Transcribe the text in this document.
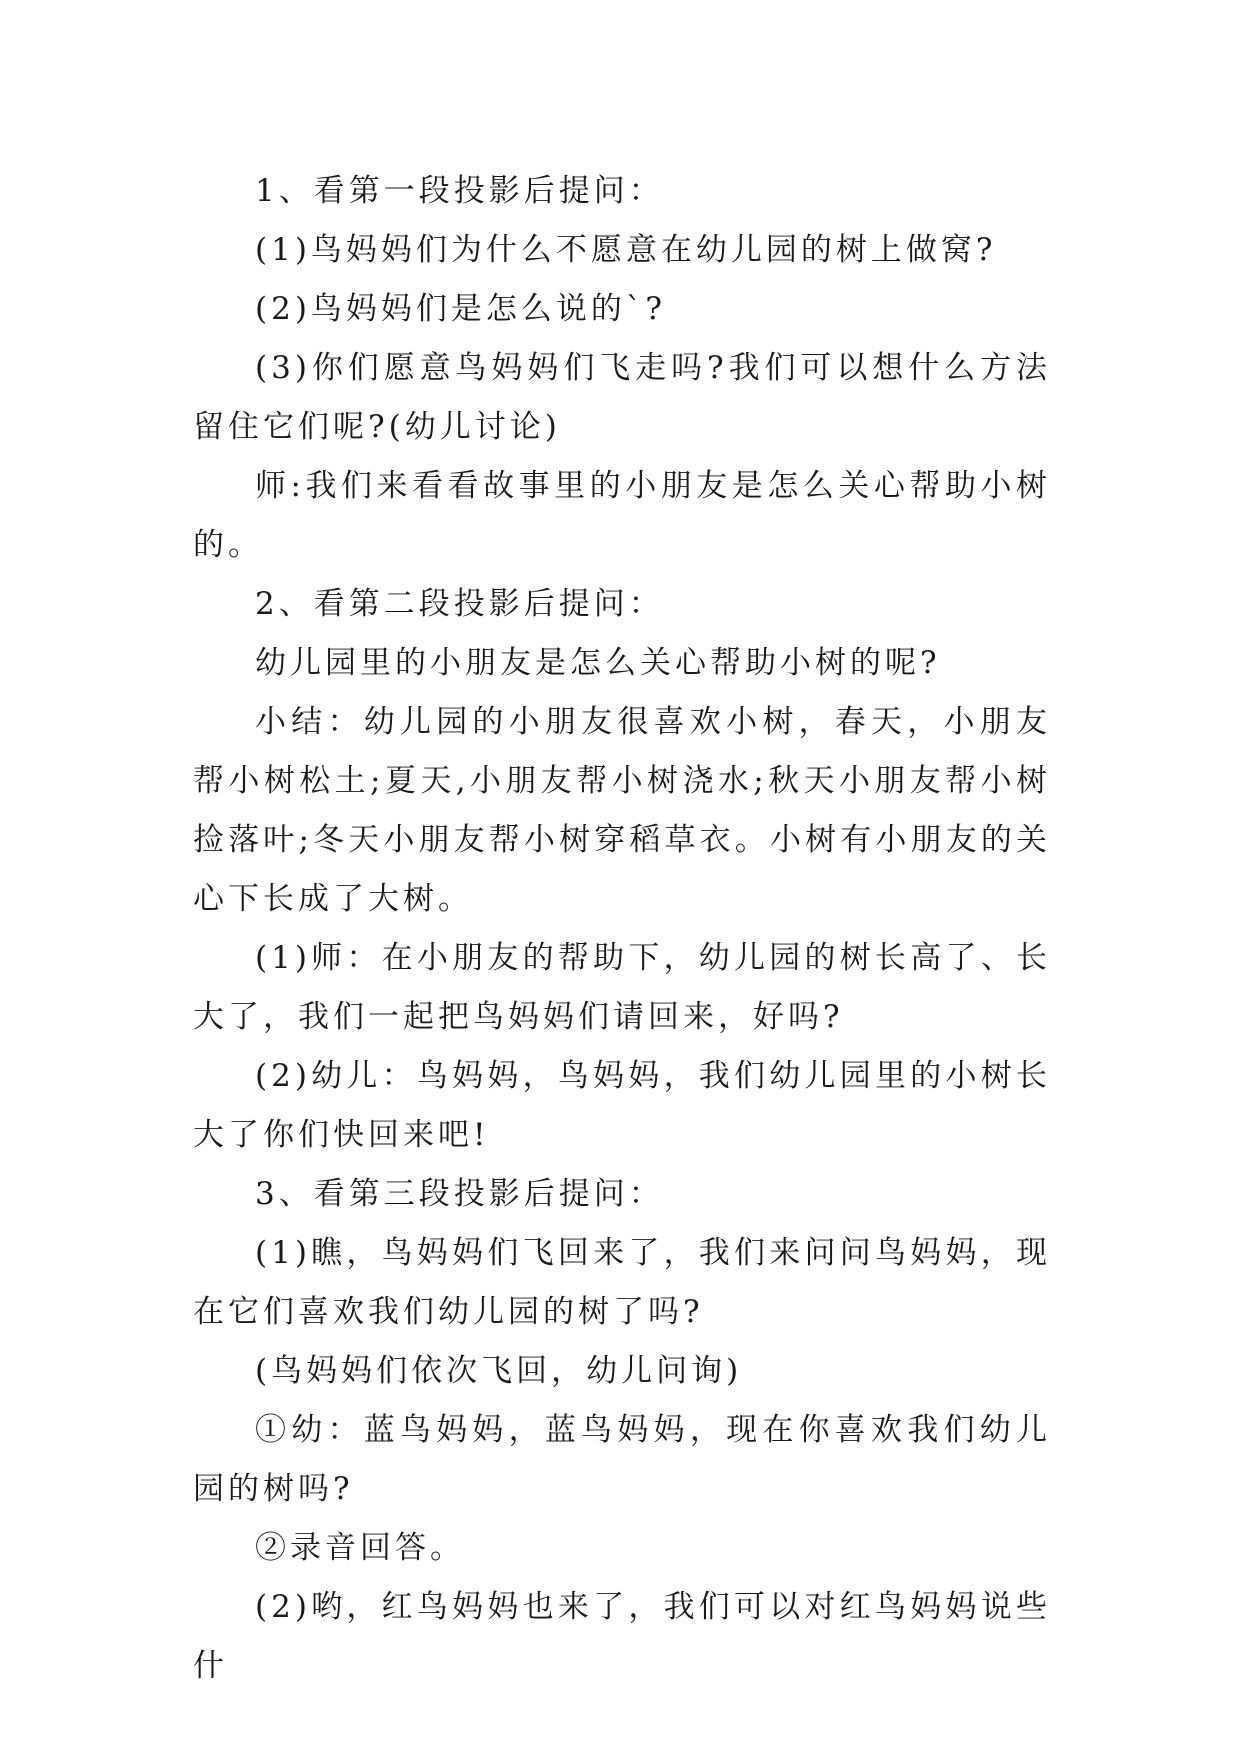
1、看第一段投影后提问：

(1)鸟妈妈们为什么不愿意在幼儿园的树上做窝?

(2)鸟妈妈们是怎么说的`?

(3)你们愿意鸟妈妈们飞走吗?我们可以想什么方法留住它们呢?(幼儿讨论)

师:我们来看看故事里的小朋友是怎么关心帮助小树的。

2、看第二段投影后提问：

幼儿园里的小朋友是怎么关心帮助小树的呢?

小结：幼儿园的小朋友很喜欢小树，春天，小朋友帮小树松土;夏天,小朋友帮小树浇水;秋天小朋友帮小树捡落叶;冬天小朋友帮小树穿稻草衣。小树有小朋友的关心下长成了大树。

(1)师：在小朋友的帮助下，幼儿园的树长高了、长大了，我们一起把鸟妈妈们请回来，好吗?

(2)幼儿：鸟妈妈，鸟妈妈，我们幼儿园里的小树长大了你们快回来吧!

3、看第三段投影后提问：

(1)瞧，鸟妈妈们飞回来了，我们来问问鸟妈妈，现在它们喜欢我们幼儿园的树了吗?

(鸟妈妈们依次飞回，幼儿问询)

①幼：蓝鸟妈妈，蓝鸟妈妈，现在你喜欢我们幼儿园的树吗?

②录音回答。

(2)哟，红鸟妈妈也来了，我们可以对红鸟妈妈说些什
